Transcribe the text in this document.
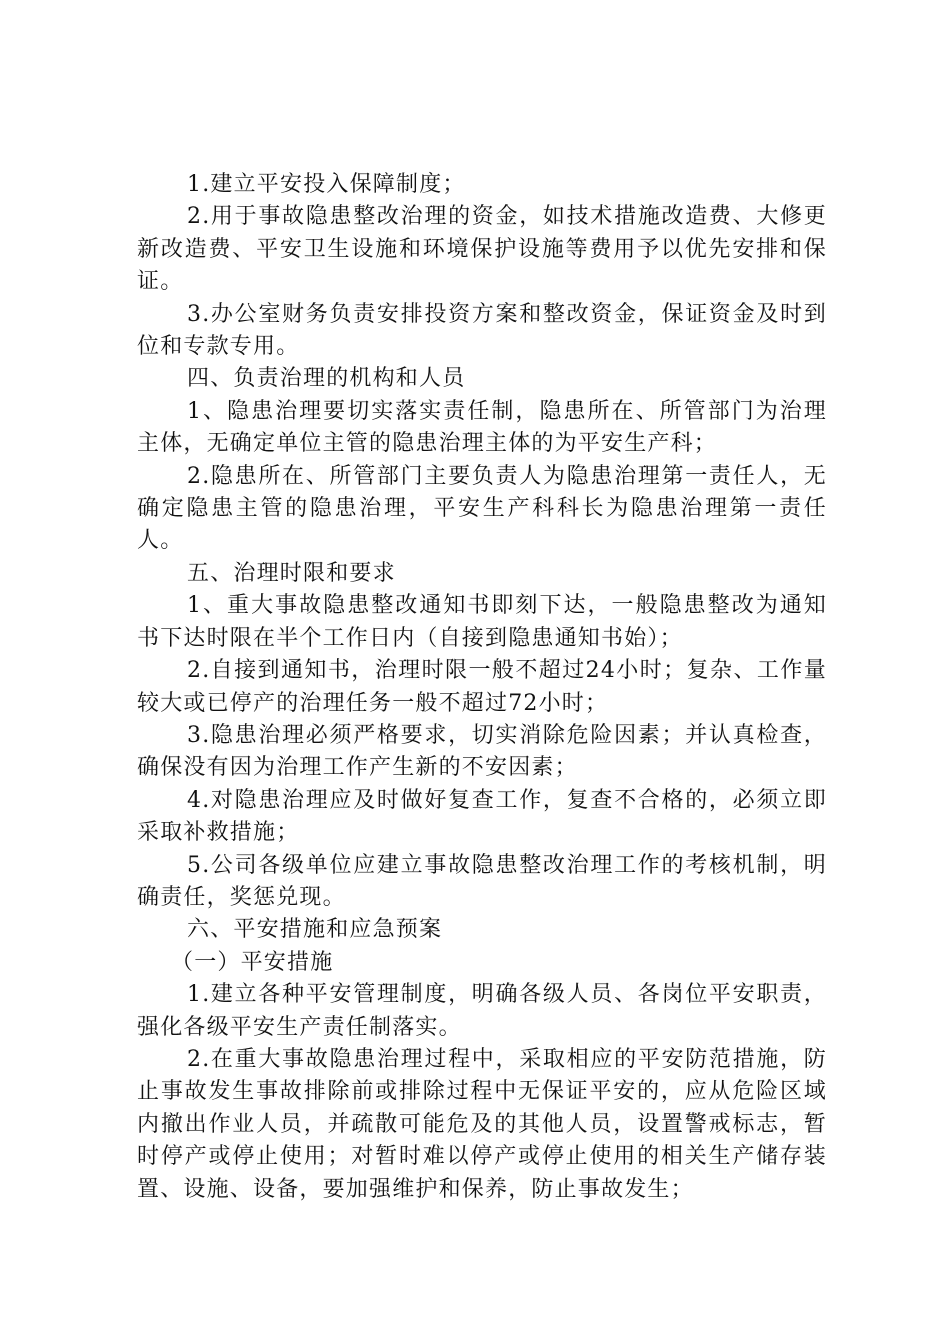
1.建立平安投入保障制度；

2.用于事故隐患整改治理的资金，如技术措施改造费、大修更新改造费、平安卫生设施和环境保护设施等费用予以优先安排和保证。

3.办公室财务负责安排投资方案和整改资金，保证资金及时到位和专款专用。

四、负责治理的机构和人员

1、隐患治理要切实落实责任制，隐患所在、所管部门为治理主体，无确定单位主管的隐患治理主体的为平安生产科；

2.隐患所在、所管部门主要负责人为隐患治理第一责任人，无确定隐患主管的隐患治理，平安生产科科长为隐患治理第一责任人。

五、治理时限和要求

1、重大事故隐患整改通知书即刻下达，一般隐患整改为通知书下达时限在半个工作日内（自接到隐患通知书始）；

2.自接到通知书，治理时限一般不超过24小时；复杂、工作量较大或已停产的治理任务一般不超过72小时；

3.隐患治理必须严格要求，切实消除危险因素；并认真检查，确保没有因为治理工作产生新的不安因素；

4.对隐患治理应及时做好复查工作，复查不合格的，必须立即采取补救措施；

5.公司各级单位应建立事故隐患整改治理工作的考核机制，明确责任，奖惩兑现。

六、平安措施和应急预案

（一）平安措施

1.建立各种平安管理制度，明确各级人员、各岗位平安职责，强化各级平安生产责任制落实。

2.在重大事故隐患治理过程中，采取相应的平安防范措施，防止事故发生事故排除前或排除过程中无保证平安的，应从危险区域内撤出作业人员，并疏散可能危及的其他人员，设置警戒标志，暂时停产或停止使用；对暂时难以停产或停止使用的相关生产储存装置、设施、设备，要加强维护和保养，防止事故发生；
